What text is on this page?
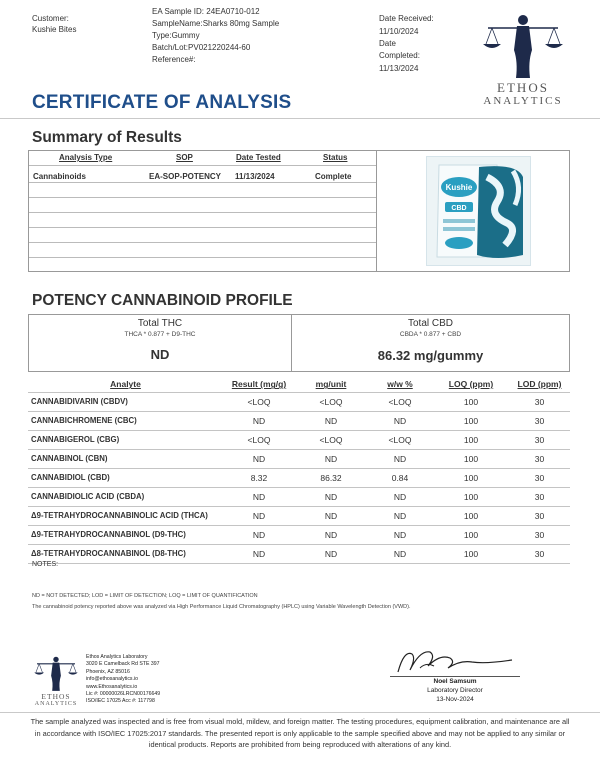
Customer:
Kushie Bites
EA Sample ID: 24EA0710-012
SampleName:Sharks 80mg Sample
Type:Gummy
Batch/Lot:PV021220244-60
Reference#:
Date Received:
11/10/2024
Date
Completed:
11/13/2024
ETHOS
ANALYTICS
CERTIFICATE OF ANALYSIS
Summary of Results
Analysis Type	SOP	Date Tested	Status
Cannabinoids	EA-SOP-POTENCY 11/13/2024	Complete
Kushie
CBD
POTENCY CANNABINOID PROFILE
Total THC
THCA * 0.877 + D9-THC
ND
Total CBD
CBDA * 0.877 + CBD
86.32 mg/gummy
Analyte	Result (mg/g)	mg/unit	w/w %	LOQ (ppm)	LOD (ppm)
CANNABIDIVARIN (CBDV)	<LOQ	<LOQ	<LOQ	100	30
CANNABICHROMENE (CBC)	ND	ND	ND	100	30
CANNABIGEROL (CBG)	<LOQ	<LOQ	<LOQ	100	30
CANNABINOL (CBN)	ND	ND	ND	100	30
CANNABIDIOL (CBD)	8.32	86.32	0.84	100	30
CANNABIDIOLIC ACID (CBDA)	ND	ND	ND	100	30
Δ9-TETRAHYDROCANNABINOLIC ACID (THCA)	ND	ND	ND	100	30
Δ9-TETRAHYDROCANNABINOL (D9-THC)	ND	ND	ND	100	30
Δ8-TETRAHYDROCANNABINOL (D8-THC)	ND	ND	ND	100	30
NOTES:
ND = NOT DETECTED; LOD = LIMIT OF DETECTION; LOQ = LIMIT OF QUANTIFICATION
The cannabinoid potency reported above was analyzed via High Performance Liquid Chromatography (HPLC) using Variable Wavelength Detection (VWD).
ETHOS
ANALYTICS
Ethos Analytics Laboratory
3020 E Camelback Rd STE 397
Phoenix, AZ 85016
info@ethosanalytics.io
www.Ethosanalytics.io
Lic #: 00000026LRCN00176649
ISO/IEC 17025 Acc #: 117798
Noel Samsum
Laboratory Director
13-Nov-2024
The sample analyzed was inspected and is free from visual mold, mildew, and foreign matter. The testing procedures, equipment calibration, and maintenance are all in accordance with ISO/IEC 17025:2017 standards. The presented report is only applicable to the sample specified above and may not be applied to any similar or identical products. Reports are prohibited from being reproduced with alterations of any kind.
